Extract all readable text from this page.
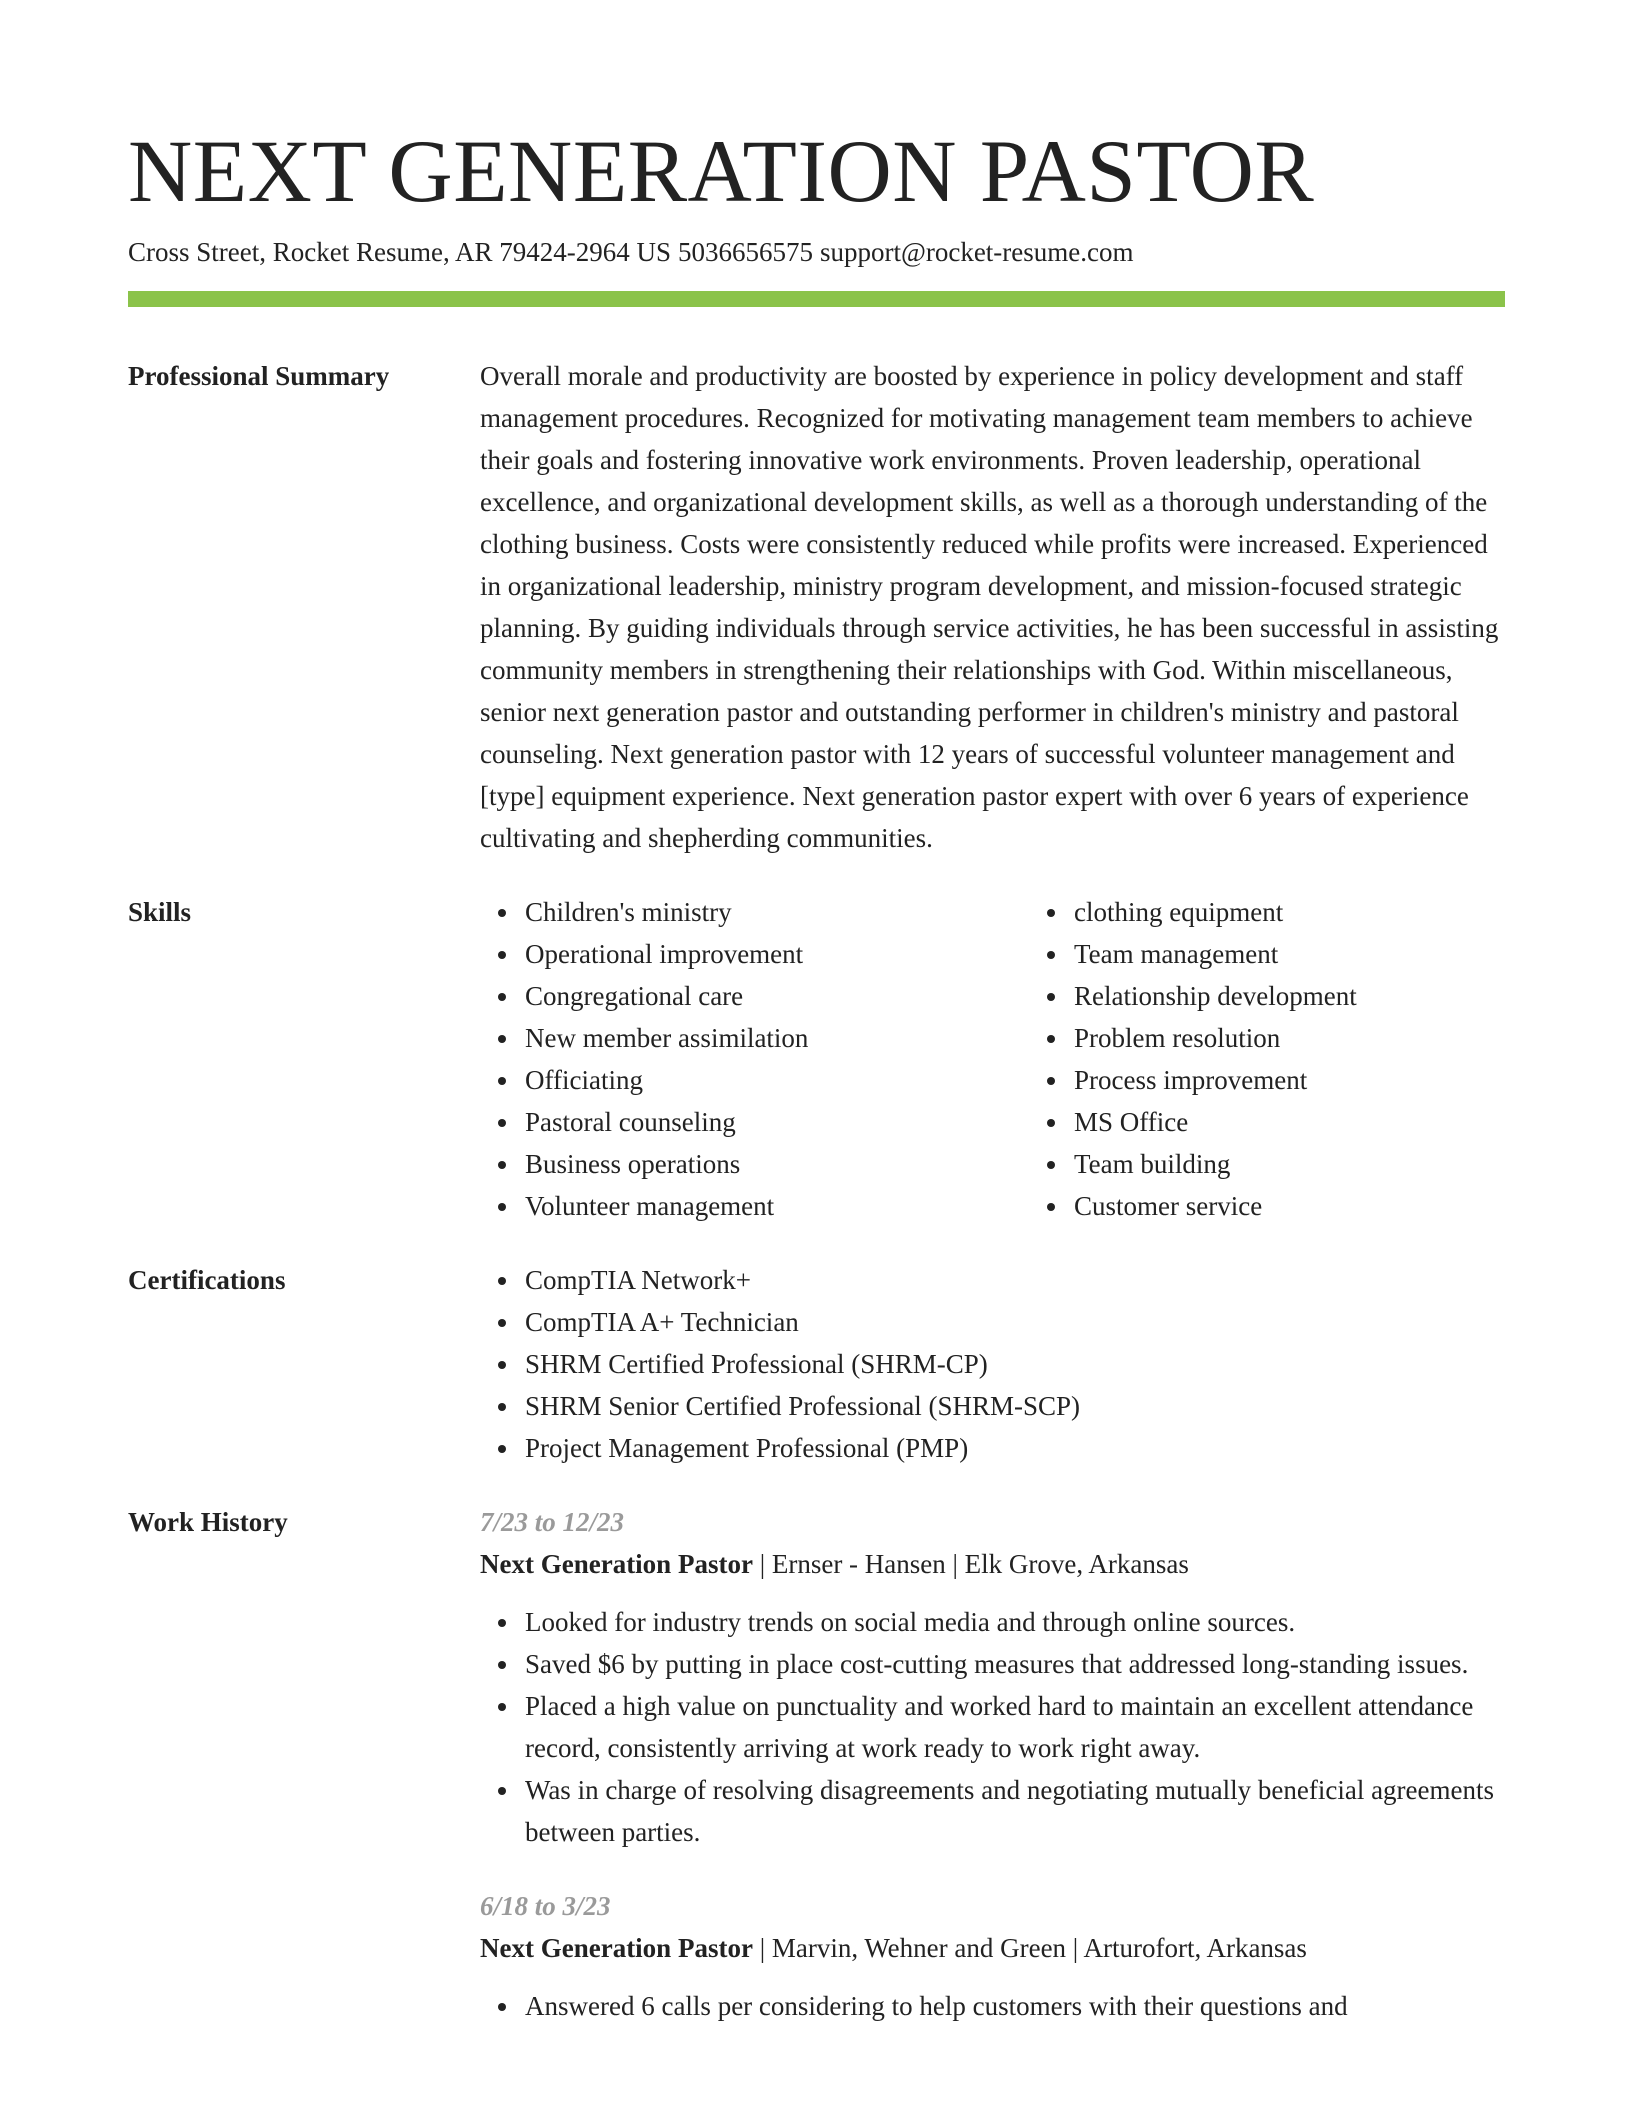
NEXT GENERATION PASTOR
Cross Street, Rocket Resume, AR 79424-2964 US 5036656575 support@rocket-resume.com
Professional Summary	Overall morale and productivity are boosted by experience in policy development and staff management procedures. Recognized for motivating management team members to achieve their goals and fostering innovative work environments. Proven leadership, operational excellence, and organizational development skills, as well as a thorough understanding of the clothing business. Costs were consistently reduced while profits were increased. Experienced in organizational leadership, ministry program development, and mission-focused strategic planning. By guiding individuals through service activities, he has been successful in assisting community members in strengthening their relationships with God. Within miscellaneous, senior next generation pastor and outstanding performer in children's ministry and pastoral counseling. Next generation pastor with 12 years of successful volunteer management and [type] equipment experience. Next generation pastor expert with over 6 years of experience cultivating and shepherding communities.
Skills	Children's ministry
Operational improvement
Congregational care
New member assimilation
Officiating
Pastoral counseling
Business operations
Volunteer management
clothing equipment
Team management
Relationship development
Problem resolution
Process improvement
MS Office
Team building
Customer service
Certifications	CompTIA Network+
CompTIA A+ Technician
SHRM Certified Professional (SHRM-CP)
SHRM Senior Certified Professional (SHRM-SCP)
Project Management Professional (PMP)
Work History	7/23 to 12/23
Next Generation Pastor | Ernser - Hansen | Elk Grove, Arkansas
Looked for industry trends on social media and through online sources.
Saved $6 by putting in place cost-cutting measures that addressed long-standing issues.
Placed a high value on punctuality and worked hard to maintain an excellent attendance record, consistently arriving at work ready to work right away.
Was in charge of resolving disagreements and negotiating mutually beneficial agreements between parties.
6/18 to 3/23
Next Generation Pastor | Marvin, Wehner and Green | Arturofort, Arkansas
Answered 6 calls per considering to help customers with their questions and
